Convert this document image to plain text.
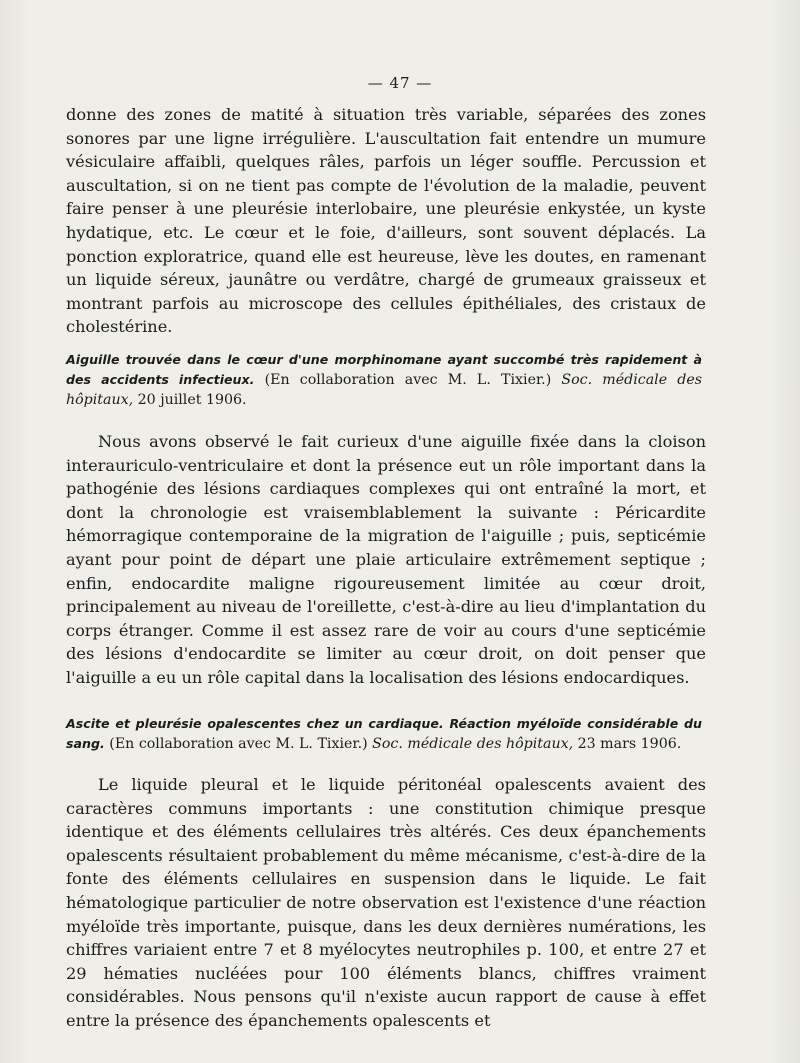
— 47 —

donne des zones de matité à situation très variable, séparées des zones sonores par une ligne irrégulière. L'auscultation fait entendre un mumure vésiculaire affaibli, quelques râles, parfois un léger souffle. Percussion et auscultation, si on ne tient pas compte de l'évolution de la maladie, peuvent faire penser à une pleurésie interlobaire, une pleurésie enkystée, un kyste hydatique, etc. Le cœur et le foie, d'ailleurs, sont souvent déplacés. La ponction exploratrice, quand elle est heureuse, lève les doutes, en ramenant un liquide séreux, jaunâtre ou verdâtre, chargé de grumeaux graisseux et montrant parfois au microscope des cellules épithéliales, des cristaux de cholestérine.

Aiguille trouvée dans le cœur d'une morphinomane ayant succombé très rapidement à des accidents infectieux. (En collaboration avec M. L. Tixier.) Soc. médicale des hôpitaux, 20 juillet 1906.

Nous avons observé le fait curieux d'une aiguille fixée dans la cloison interauriculo-ventriculaire et dont la présence eut un rôle important dans la pathogénie des lésions cardiaques complexes qui ont entraîné la mort, et dont la chronologie est vraisemblablement la suivante : Péricardite hémorragique contemporaine de la migration de l'aiguille ; puis, septicémie ayant pour point de départ une plaie articulaire extrêmement septique ; enfin, endocardite maligne rigoureusement limitée au cœur droit, principalement au niveau de l'oreillette, c'est-à-dire au lieu d'implantation du corps étranger. Comme il est assez rare de voir au cours d'une septicémie des lésions d'endocardite se limiter au cœur droit, on doit penser que l'aiguille a eu un rôle capital dans la localisation des lésions endocardiques.

Ascite et pleurésie opalescentes chez un cardiaque. Réaction myéloïde considérable du sang. (En collaboration avec M. L. Tixier.) Soc. médicale des hôpitaux, 23 mars 1906.

Le liquide pleural et le liquide péritonéal opalescents avaient des caractères communs importants : une constitution chimique presque identique et des éléments cellulaires très altérés. Ces deux épanchements opalescents résultaient probablement du même mécanisme, c'est-à-dire de la fonte des éléments cellulaires en suspension dans le liquide. Le fait hématologique particulier de notre observation est l'existence d'une réaction myéloïde très importante, puisque, dans les deux dernières numérations, les chiffres variaient entre 7 et 8 myélocytes neutrophiles p. 100, et entre 27 et 29 hématies nucléées pour 100 éléments blancs, chiffres vraiment considérables. Nous pensons qu'il n'existe aucun rapport de cause à effet entre la présence des épanchements opalescents et
